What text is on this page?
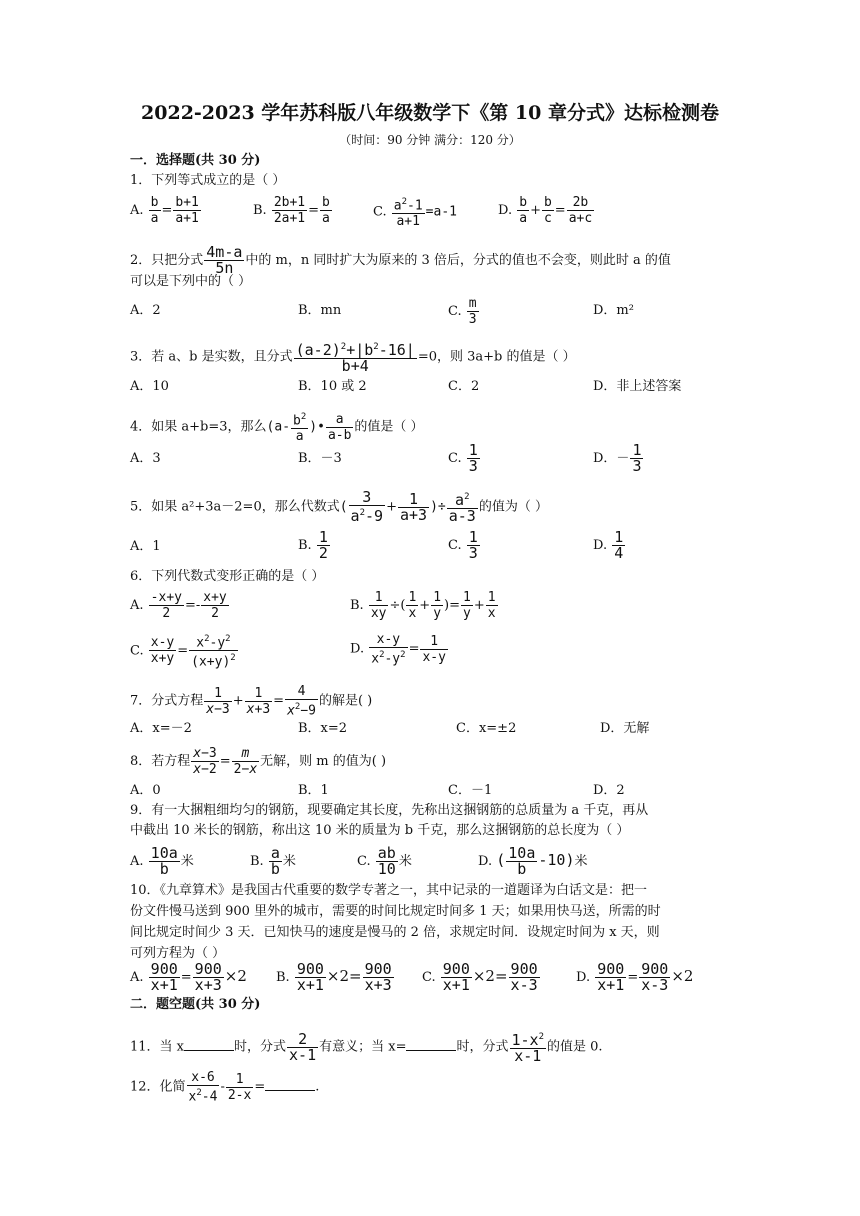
2022-2023 学年苏科版八年级数学下《第 10 章分式》达标检测卷
（时间：90 分钟 满分：120 分）
一．选择题(共 30 分)
1．下列等式成立的是（ ）
A. $\frac{b}{a} = \frac{b+1}{a+1}$	B. $\frac{2b+1}{2a+1} = \frac{b}{a}$	C. $\frac{a^2-1}{a+1} =a-1$	D. $\frac{b}{a} + \frac{b}{c} = \frac{2b}{a+c}$
2．只把分式 $\frac{4m-a}{5n}$ 中的 m，n 同时扩大为原来的 3 倍后，分式的值也不会变，则此时 a 的值
可以是下列中的（ ）
A．2	B．mn	C. $\frac{m}{3}$	D．m²
3．若 a、b 是实数，且分式 $\frac{(a-2)^2+|b^2-16|}{b+4} =0$，则 3a+b 的值是（ ）
A．10	B．10 或 2	C．2	D．非上述答案
4．如果 a+b=3，那么($a- \frac{b^2}{a}$ )• $\frac{a}{a-b}$ 的值是（ ）
A．3	B．－3	C. $\frac{1}{3}$	D．－ $\frac{1}{3}$
5．如果 a²+3a－2=0，那么代数式( $\frac{3}{a^2-9} + \frac{1}{a+3}$ )÷ $\frac{a^2}{a-3}$ 的值为（ ）
A．1	B. $\frac{1}{2}$	C. $\frac{1}{3}$	D. $\frac{1}{4}$
6．下列代数式变形正确的是（ ）
A. $\frac{-x+y}{2} =- \frac{x+y}{2}$	B. $\frac{1}{xy}$ ÷( $\frac{1}{x} + \frac{1}{y}$ )= $\frac{1}{y} + \frac{1}{x}$
C. $\frac{x-y}{x+y} = \frac{x^2-y^2}{(x+y)^2}$	D. $\frac{x-y}{x^2-y^2} = \frac{1}{x-y}$
7．分式方程 $\frac{1}{x-3} + \frac{1}{x+3} = \frac{4}{x^2-9}$ 的解是( )
A．x=－2	B．x=2	C．x=±2	D．无解
8．若方程 $\frac{x-3}{x-2} = \frac{m}{2-x}$ 无解，则 m 的值为( )
A．0	B．1	C．－1	D．2
9．有一大捆粗细均匀的钢筋，现要确定其长度，先称出这捆钢筋的总质量为 a 千克，再从
中截出 10 米长的钢筋，称出这 10 米的质量为 b 千克，那么这捆钢筋的总长度为（ ）
A. $\frac{10a}{b}$ 米	B. $\frac{a}{b}$ 米	C. $\frac{ab}{10}$ 米	D. ( $\frac{10a}{b} -10$)米
10．《九章算术》是我国古代重要的数学专著之一，其中记录的一道题译为白话文是：把一
份文件慢马送到 900 里外的城市，需要的时间比规定时间多 1 天；如果用快马送，所需的时
间比规定时间少 3 天．已知快马的速度是慢马的 2 倍，求规定时间．设规定时间为 x 天，则
可列方程为（ ）
A. $\frac{900}{x+1} = \frac{900}{x+3} \times 2$ B. $\frac{900}{x+1} \times 2= \frac{900}{x+3} C$. $\frac{900}{x+1} \times 2= \frac{900}{x-3}$	D. $\frac{900}{x+1} = \frac{900}{x-3} \times 2$
二．题空题(共 30 分)
11．当 x	时，分式 $\frac{2}{x-1}$ 有意义；当 x=	时，分式 $\frac{1-x^2}{x-1}$ 的值是 0.
12．化简 $\frac{x-6}{x^2-4} - \frac{1}{2-x}$ =	.
